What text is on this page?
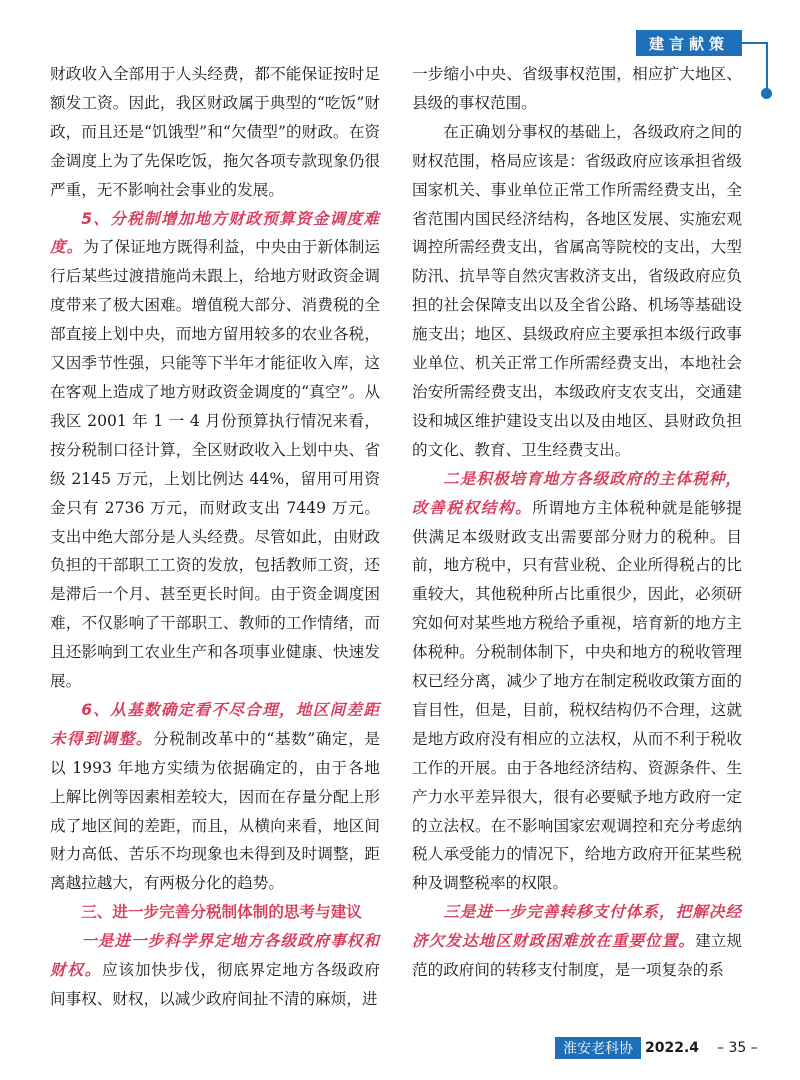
建言献策

财政收入全部用于人头经费，都不能保证按时足额发工资。因此，我区财政属于典型的“吃饭”财政，而且还是“饥饿型”和“欠债型”的财政。在资金调度上为了先保吃饭，拖欠各项专款现象仍很严重，无不影响社会事业的发展。

5、分税制增加地方财政预算资金调度难度。为了保证地方既得利益，中央由于新体制运行后某些过渡措施尚未跟上，给地方财政资金调度带来了极大困难。增值税大部分、消费税的全部直接上划中央，而地方留用较多的农业各税，又因季节性强，只能等下半年才能征收入库，这在客观上造成了地方财政资金调度的“真空”。从我区 2001 年 1 一 4 月份预算执行情况来看，按分税制口径计算，全区财政收入上划中央、省级 2145 万元，上划比例达 44%，留用可用资金只有 2736 万元，而财政支出 7449 万元。支出中绝大部分是人头经费。尽管如此，由财政负担的干部职工工资的发放，包括教师工资，还是滞后一个月、甚至更长时间。由于资金调度困难，不仅影响了干部职工、教师的工作情绪，而且还影响到工农业生产和各项事业健康、快速发展。

6、从基数确定看不尽合理，地区间差距未得到调整。分税制改革中的“基数”确定，是以 1993 年地方实绩为依据确定的，由于各地上解比例等因素相差较大，因而在存量分配上形成了地区间的差距，而且，从横向来看，地区间财力高低、苦乐不均现象也未得到及时调整，距离越拉越大，有两极分化的趋势。

三、进一步完善分税制体制的思考与建议

一是进一步科学界定地方各级政府事权和财权。应该加快步伐，彻底界定地方各级政府间事权、财权，以减少政府间扯不清的麻烦，进

一步缩小中央、省级事权范围，相应扩大地区、县级的事权范围。

在正确划分事权的基础上，各级政府之间的财权范围，格局应该是：省级政府应该承担省级国家机关、事业单位正常工作所需经费支出，全省范围内国民经济结构，各地区发展、实施宏观调控所需经费支出，省属高等院校的支出，大型防汛、抗旱等自然灾害救济支出，省级政府应负担的社会保障支出以及全省公路、机场等基础设施支出；地区、县级政府应主要承担本级行政事业单位、机关正常工作所需经费支出，本地社会治安所需经费支出，本级政府支农支出，交通建设和城区维护建设支出以及由地区、县财政负担的文化、教育、卫生经费支出。

二是积极培育地方各级政府的主体税种，改善税权结构。所谓地方主体税种就是能够提供满足本级财政支出需要部分财力的税种。目前，地方税中，只有营业税、企业所得税占的比重较大，其他税种所占比重很少，因此，必须研究如何对某些地方税给予重视，培育新的地方主体税种。分税制体制下，中央和地方的税收管理权已经分离，减少了地方在制定税收政策方面的盲目性，但是，目前，税权结构仍不合理，这就是地方政府没有相应的立法权，从而不利于税收工作的开展。由于各地经济结构、资源条件、生产力水平差异很大，很有必要赋予地方政府一定的立法权。在不影响国家宏观调控和充分考虑纳税人承受能力的情况下，给地方政府开征某些税种及调整税率的权限。

三是进一步完善转移支付体系，把解决经济欠发达地区财政困难放在重要位置。建立规范的政府间的转移支付制度，是一项复杂的系

淮安老科协 2022.4 – 35 –
